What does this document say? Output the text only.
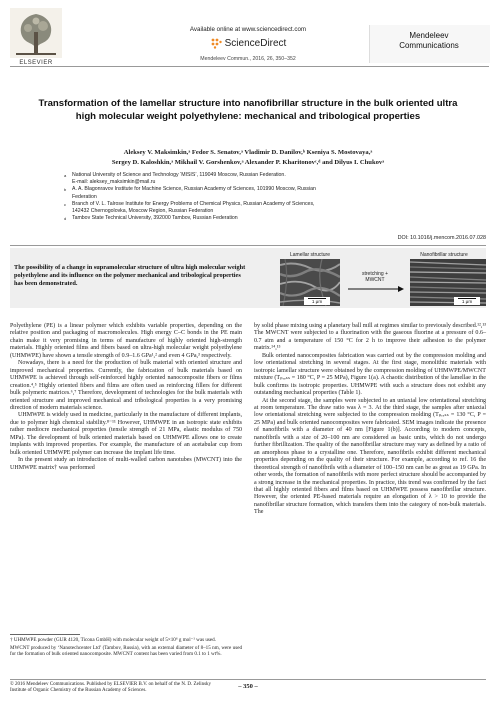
ELSEVIER
Available online at www.sciencedirect.com
ScienceDirect
Mendeleev Commun., 2016, 26, 350–352
Mendeleev
Communications
Transformation of the lamellar structure into nanofibrillar structure in the bulk oriented ultra high molecular weight polyethylene: mechanical and tribological properties
Aleksey V. Maksimkin,ᵃ Fedor S. Senatov,ᵃ Vladimir D. Danilov,ᵇ Kseniya S. Mostovaya,ᵃ
Sergey D. Kaloshkin,ᵃ Mikhail V. Gorshenkov,ᵃ Alexander P. Kharitonovᶜ,ᵈ and Dilyus I. Chukovᵃ
a	National University of Science and Technology ‘MISIS’, 119049 Moscow, Russian Federation.
E-mail: aleksey_maksimkin@mail.ru
b	A. A. Blagonravov Institute for Machine Science, Russian Academy of Sciences, 101990 Moscow, Russian
Federation
c	Branch of V. L. Talrose Institute for Energy Problems of Chemical Physics, Russian Academy of Sciences,
142432 Chernogolovka, Moscow Region, Russian Federation
d	Tambov State Technical University, 392000 Tambov, Russian Federation
DOI: 10.1016/j.mencom.2016.07.028
The possibility of a change in supramolecular structure of ultra high molecular weight polyethylene and its influence on the polymer mechanical and tribological properties has been demonstrated.
Lamellar structure	Nanofibrillar structure
stretching +
MWCNT
1 μm	1 μm

Polyethylene (PE) is a linear polymer which exhibits variable properties, depending on the relative position and packaging of macromolecules. High energy C–C bonds in the PE main chain make it very promising in terms of manufacture of highly oriented high-strength materials. Highly oriented films and fibers based on ultra-high molecular weight polyethylene (UHMWPE) have shown a tensile strength of 0.9–1.6 GPa¹,² and even 4 GPa,³ respectively.

Nowadays, there is a need for the production of bulk material with oriented structure and improved mechanical properties. Currently, the fabrication of bulk materials based on UHMWPE is achieved through self-reinforced highly oriented nanocomposite fibers or films creation.⁴,⁵ Highly oriented fibers and films are often used as reinforcing fillers for different bulk polymeric matrices.⁶,⁷ Therefore, development of technologies for the bulk materials with oriented structure and improved mechanical and tribological properties is a very promising direction of modern materials science.

UHMWPE is widely used in medicine, particularly in the manufacture of different implants, due to polymer high chemical stability.⁸⁻¹¹ However, UHMWPE in an isotropic state exhibits rather mediocre mechanical properties (tensile strength of 21 MPa, elastic modulus of 750 MPa). The development of bulk oriented materials based on UHMWPE allows one to create implants with improved properties. For example, the manufacture of an acetabular cup from bulk oriented UHMWPE polymer can increase the implant life time.

In the present study an introduction of multi-walled carbon nanotubes (MWCNT) into the UHMWPE matrix† was performed

by solid phase mixing using a planetary ball mill at regimes similar to previously described.¹²,¹³ The MWCNT were subjected to a fluorination with the gaseous fluorine at a pressure of 0.6–0.7 atm and a temperature of 150 °C for 2 h to improve their adhesion to the polymer matrix.¹⁴,¹⁵

Bulk oriented nanocomposites fabrication was carried out by the compression molding and low orientational stretching in several stages. At the first stage, monolithic materials with isotropic lamellar structure were obtained by the compression molding of UHMWPE/MWCNT mixture (Tₚᵣₑₛₛ = 180 °C, P = 25 MPa), Figure 1(a). A chaotic distribution of the lamellae in the bulk confirms its isotropic properties. UHMWPE with such a structure does not exhibit any outstanding mechanical properties (Table 1).

At the second stage, the samples were subjected to an uniaxial low orientational stretching at room temperature. The draw ratio was λ = 3. At the third stage, the samples after uniaxial low orientational stretching were subjected to the compression molding (Tₚᵣₑₛₛ = 130 °C, P = 25 MPa) and bulk oriented nanocomposites were fabricated. SEM images indicate the presence of nanofibrils with a diameter of 40 nm [Figure 1(b)]. According to modern concepts, nanofibrils with a size of 20–100 nm are considered as basic units, which do not undergo further fibrillization. The quality of the nanofibrillar structure may vary as defined by a ratio of an amorphous phase to a crystalline one. Therefore, nanofibrils exhibit different mechanical properties depending on the quality of their structure. For example, according to ref. 16 the theoretical strength of nanofibrils with a diameter of 100–150 nm can be as great as 19 GPa. In other words, the formation of nanofibrils with more perfect structure should be accompanied by a strong increase in the mechanical properties. In practice, this trend was confirmed by the fact that all highly oriented fibers and films based on UHMWPE possess nanofibrillar structure. However, the oriented PE-based materials require an elongation of λ > 10 to provide the nanofibrillar structure formation, which transfers them into the category of non-bulk materials. The

† UHMWPE powder (GUR 4120, Ticona GmbH) with molecular weight of 5×10⁶ g mol⁻¹ was used.

MWCNT produced by ‘Nanotechcenter Ltd’ (Tambov, Russia), with an external diameter of 8–15 nm, were used for the formation of bulk oriented nanocomposite. MWCNT content has been varied from 0.1 to 1 wt%.

© 2016 Mendeleev Communications. Published by ELSEVIER B.V. on behalf of the N. D. Zelinsky Institute of Organic Chemistry of the Russian Academy of Sciences.
– 350 –
